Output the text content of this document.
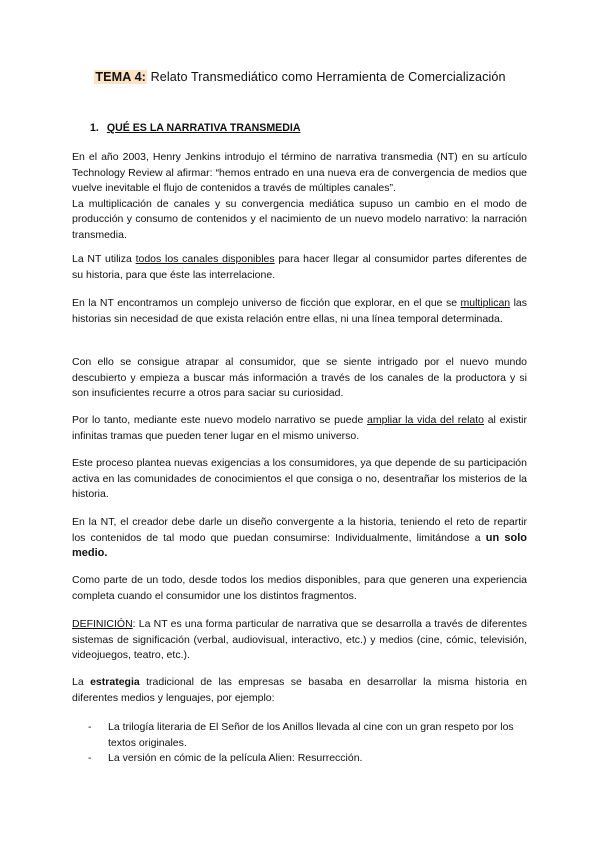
TEMA 4: Relato Transmediático como Herramienta de Comercialización
1. QUÉ ES LA NARRATIVA TRANSMEDIA

En el año 2003, Henry Jenkins introdujo el término de narrativa transmedia (NT) en su artículo Technology Review al afirmar: “hemos entrado en una nueva era de convergencia de medios que vuelve inevitable el flujo de contenidos a través de múltiples canales”.
La multiplicación de canales y su convergencia mediática supuso un cambio en el modo de producción y consumo de contenidos y el nacimiento de un nuevo modelo narrativo: la narración transmedia.

La NT utiliza todos los canales disponibles para hacer llegar al consumidor partes diferentes de su historia, para que éste las interrelacione.

En la NT encontramos un complejo universo de ficción que explorar, en el que se multiplican las historias sin necesidad de que exista relación entre ellas, ni una línea temporal determinada.

Con ello se consigue atrapar al consumidor, que se siente intrigado por el nuevo mundo descubierto y empieza a buscar más información a través de los canales de la productora y si son insuficientes recurre a otros para saciar su curiosidad.

Por lo tanto, mediante este nuevo modelo narrativo se puede ampliar la vida del relato al existir infinitas tramas que pueden tener lugar en el mismo universo.

Este proceso plantea nuevas exigencias a los consumidores, ya que depende de su participación activa en las comunidades de conocimientos el que consiga o no, desentrañar los misterios de la historia.

En la NT, el creador debe darle un diseño convergente a la historia, teniendo el reto de repartir los contenidos de tal modo que puedan consumirse: Individualmente, limitándose a un solo medio.

Como parte de un todo, desde todos los medios disponibles, para que generen una experiencia completa cuando el consumidor une los distintos fragmentos.

DEFINICIÓN: La NT es una forma particular de narrativa que se desarrolla a través de diferentes sistemas de significación (verbal, audiovisual, interactivo, etc.) y medios (cine, cómic, televisión, videojuegos, teatro, etc.).

La estrategia tradicional de las empresas se basaba en desarrollar la misma historia en diferentes medios y lenguajes, por ejemplo:

- La trilogía literaria de El Señor de los Anillos llevada al cine con un gran respeto por los textos originales.
- La versión en cómic de la película Alien: Resurrección.
